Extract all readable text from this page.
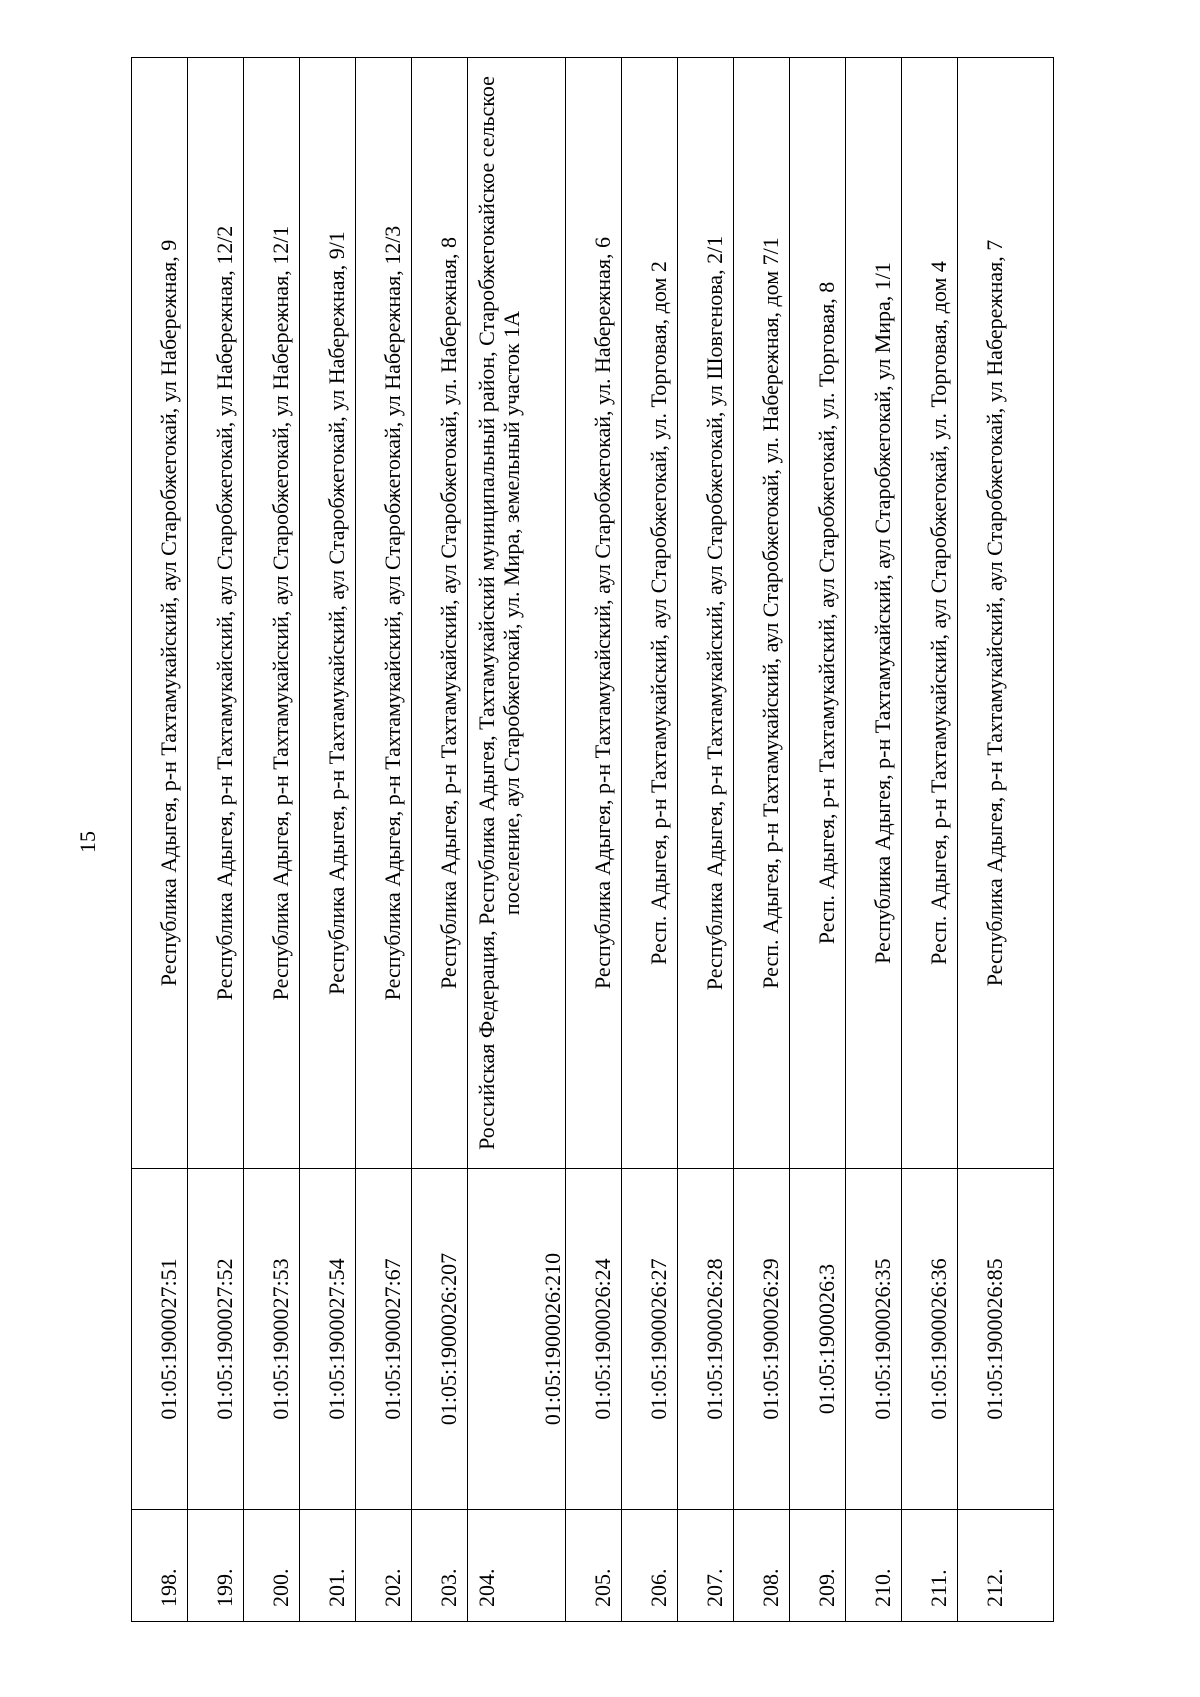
15
198.	01:05:1900027:51	Республика Адыгея, р-н Тахтамукайский, аул Старобжегокай, ул Набережная, 9

199.	01:05:1900027:52	Республика Адыгея, р-н Тахтамукайский, аул Старобжегокай, ул Набережная, 12/2

200.	01:05:1900027:53	Республика Адыгея, р-н Тахтамукайский, аул Старобжегокай, ул Набережная, 12/1

201.	01:05:1900027:54	Республика Адыгея, р-н Тахтамукайский, аул Старобжегокай, ул Набережная, 9/1

202.	01:05:1900027:67	Республика Адыгея, р-н Тахтамукайский, аул Старобжегокай, ул Набережная, 12/3

203.	01:05:1900026:207	Республика Адыгея, р-н Тахтамукайский, аул Старобжегокай, ул. Набережная, 8

204.	01:05:1900026:210	Российская Федерация, Республика Адыгея, Тахтамукайский муниципальный район, Старобжегокайское сельское поселение, аул Старобжегокай, ул. Мира, земельный участок 1А

205.	01:05:1900026:24	Республика Адыгея, р-н Тахтамукайский, аул Старобжегокай, ул. Набережная, 6

206.	01:05:1900026:27	Респ. Адыгея, р-н Тахтамукайский, аул Старобжегокай, ул. Торговая, дом 2

207.	01:05:1900026:28	Республика Адыгея, р-н Тахтамукайский, аул Старобжегокай, ул Шовгенова, 2/1

208.	01:05:1900026:29	Респ. Адыгея, р-н Тахтамукайский, аул Старобжегокай, ул. Набережная, дом 7/1

209.	01:05:1900026:3	Респ. Адыгея, р-н Тахтамукайский, аул Старобжегокай, ул. Торговая, 8

210.	01:05:1900026:35	Республика Адыгея, р-н Тахтамукайский, аул Старобжегокай, ул Мира, 1/1

211.	01:05:1900026:36	Респ. Адыгея, р-н Тахтамукайский, аул Старобжегокай, ул. Торговая, дом 4

212.	01:05:1900026:85	Республика Адыгея, р-н Тахтамукайский, аул Старобжегокай, ул Набережная, 7
